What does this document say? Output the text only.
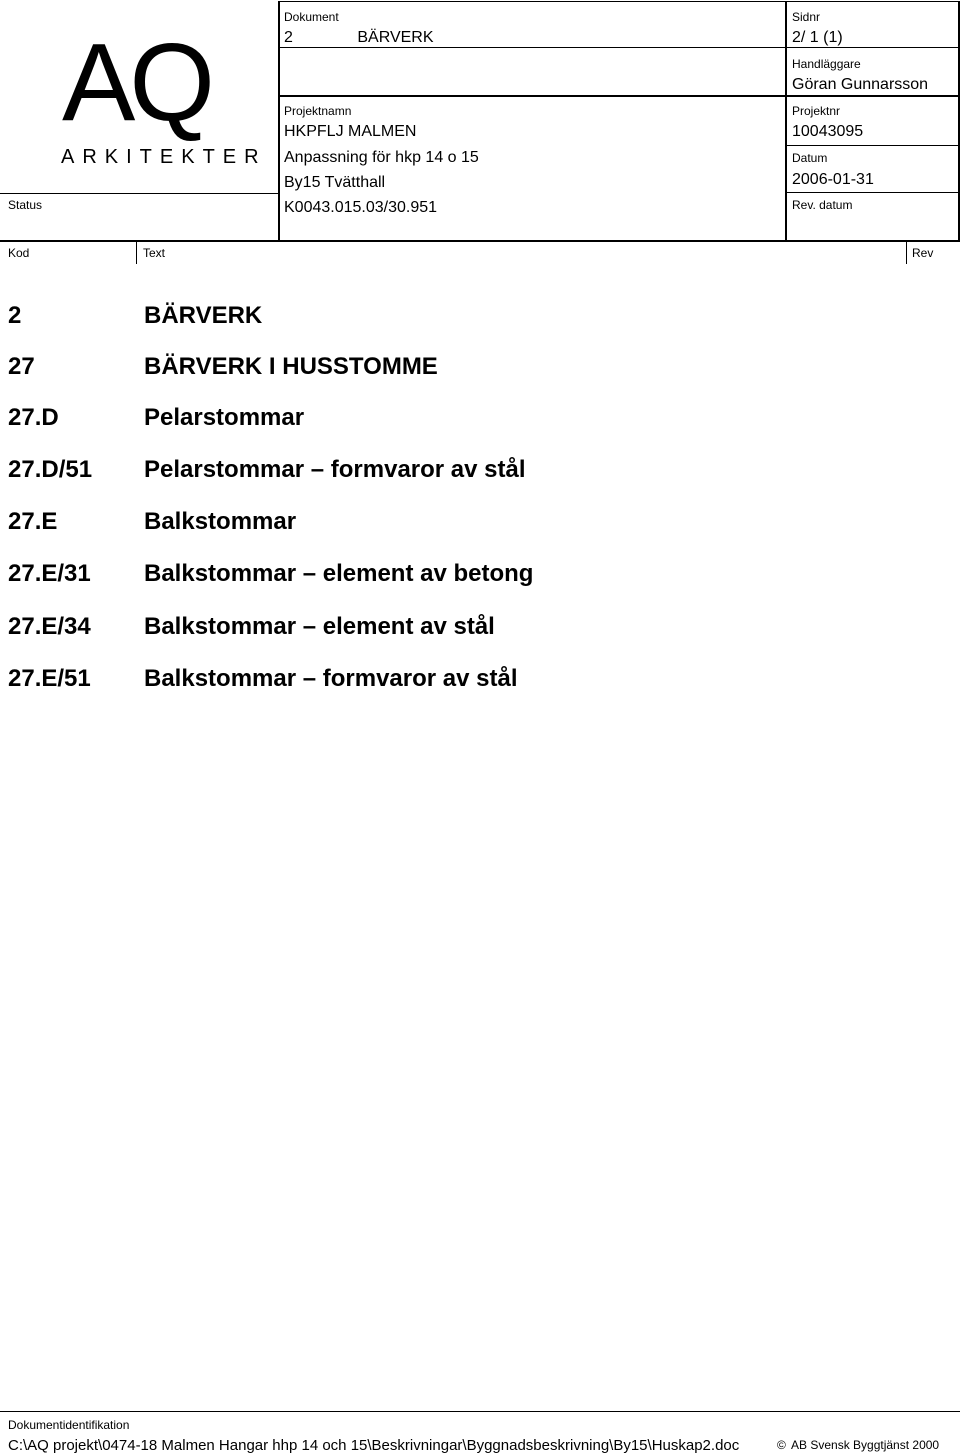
AQ
ARKITEKTER
Status
Dokument
2 BÄRVERK
Projektnamn
HKPFLJ MALMEN
Anpassning för hkp 14 o 15
By15 Tvätthall
K0043.015.03/30.951
Sidnr
2/ 1 (1)
Handläggare
Göran Gunnarsson
Projektnr
10043095
Datum
2006-01-31
Rev. datum
Kod	Text	Rev
2	BÄRVERK
27	BÄRVERK I HUSSTOMME
27.D	Pelarstommar
27.D/51 Pelarstommar – formvaror av stål
27.E	Balkstommar
27.E/31 Balkstommar – element av betong
27.E/34 Balkstommar – element av stål
27.E/51 Balkstommar – formvaror av stål
Dokumentidentifikation
C:\AQ projekt\0474-18 Malmen Hangar hhp 14 och 15\Beskrivningar\Byggnadsbeskrivning\By15\Huskap2.doc	© AB Svensk Byggtjänst 2000
